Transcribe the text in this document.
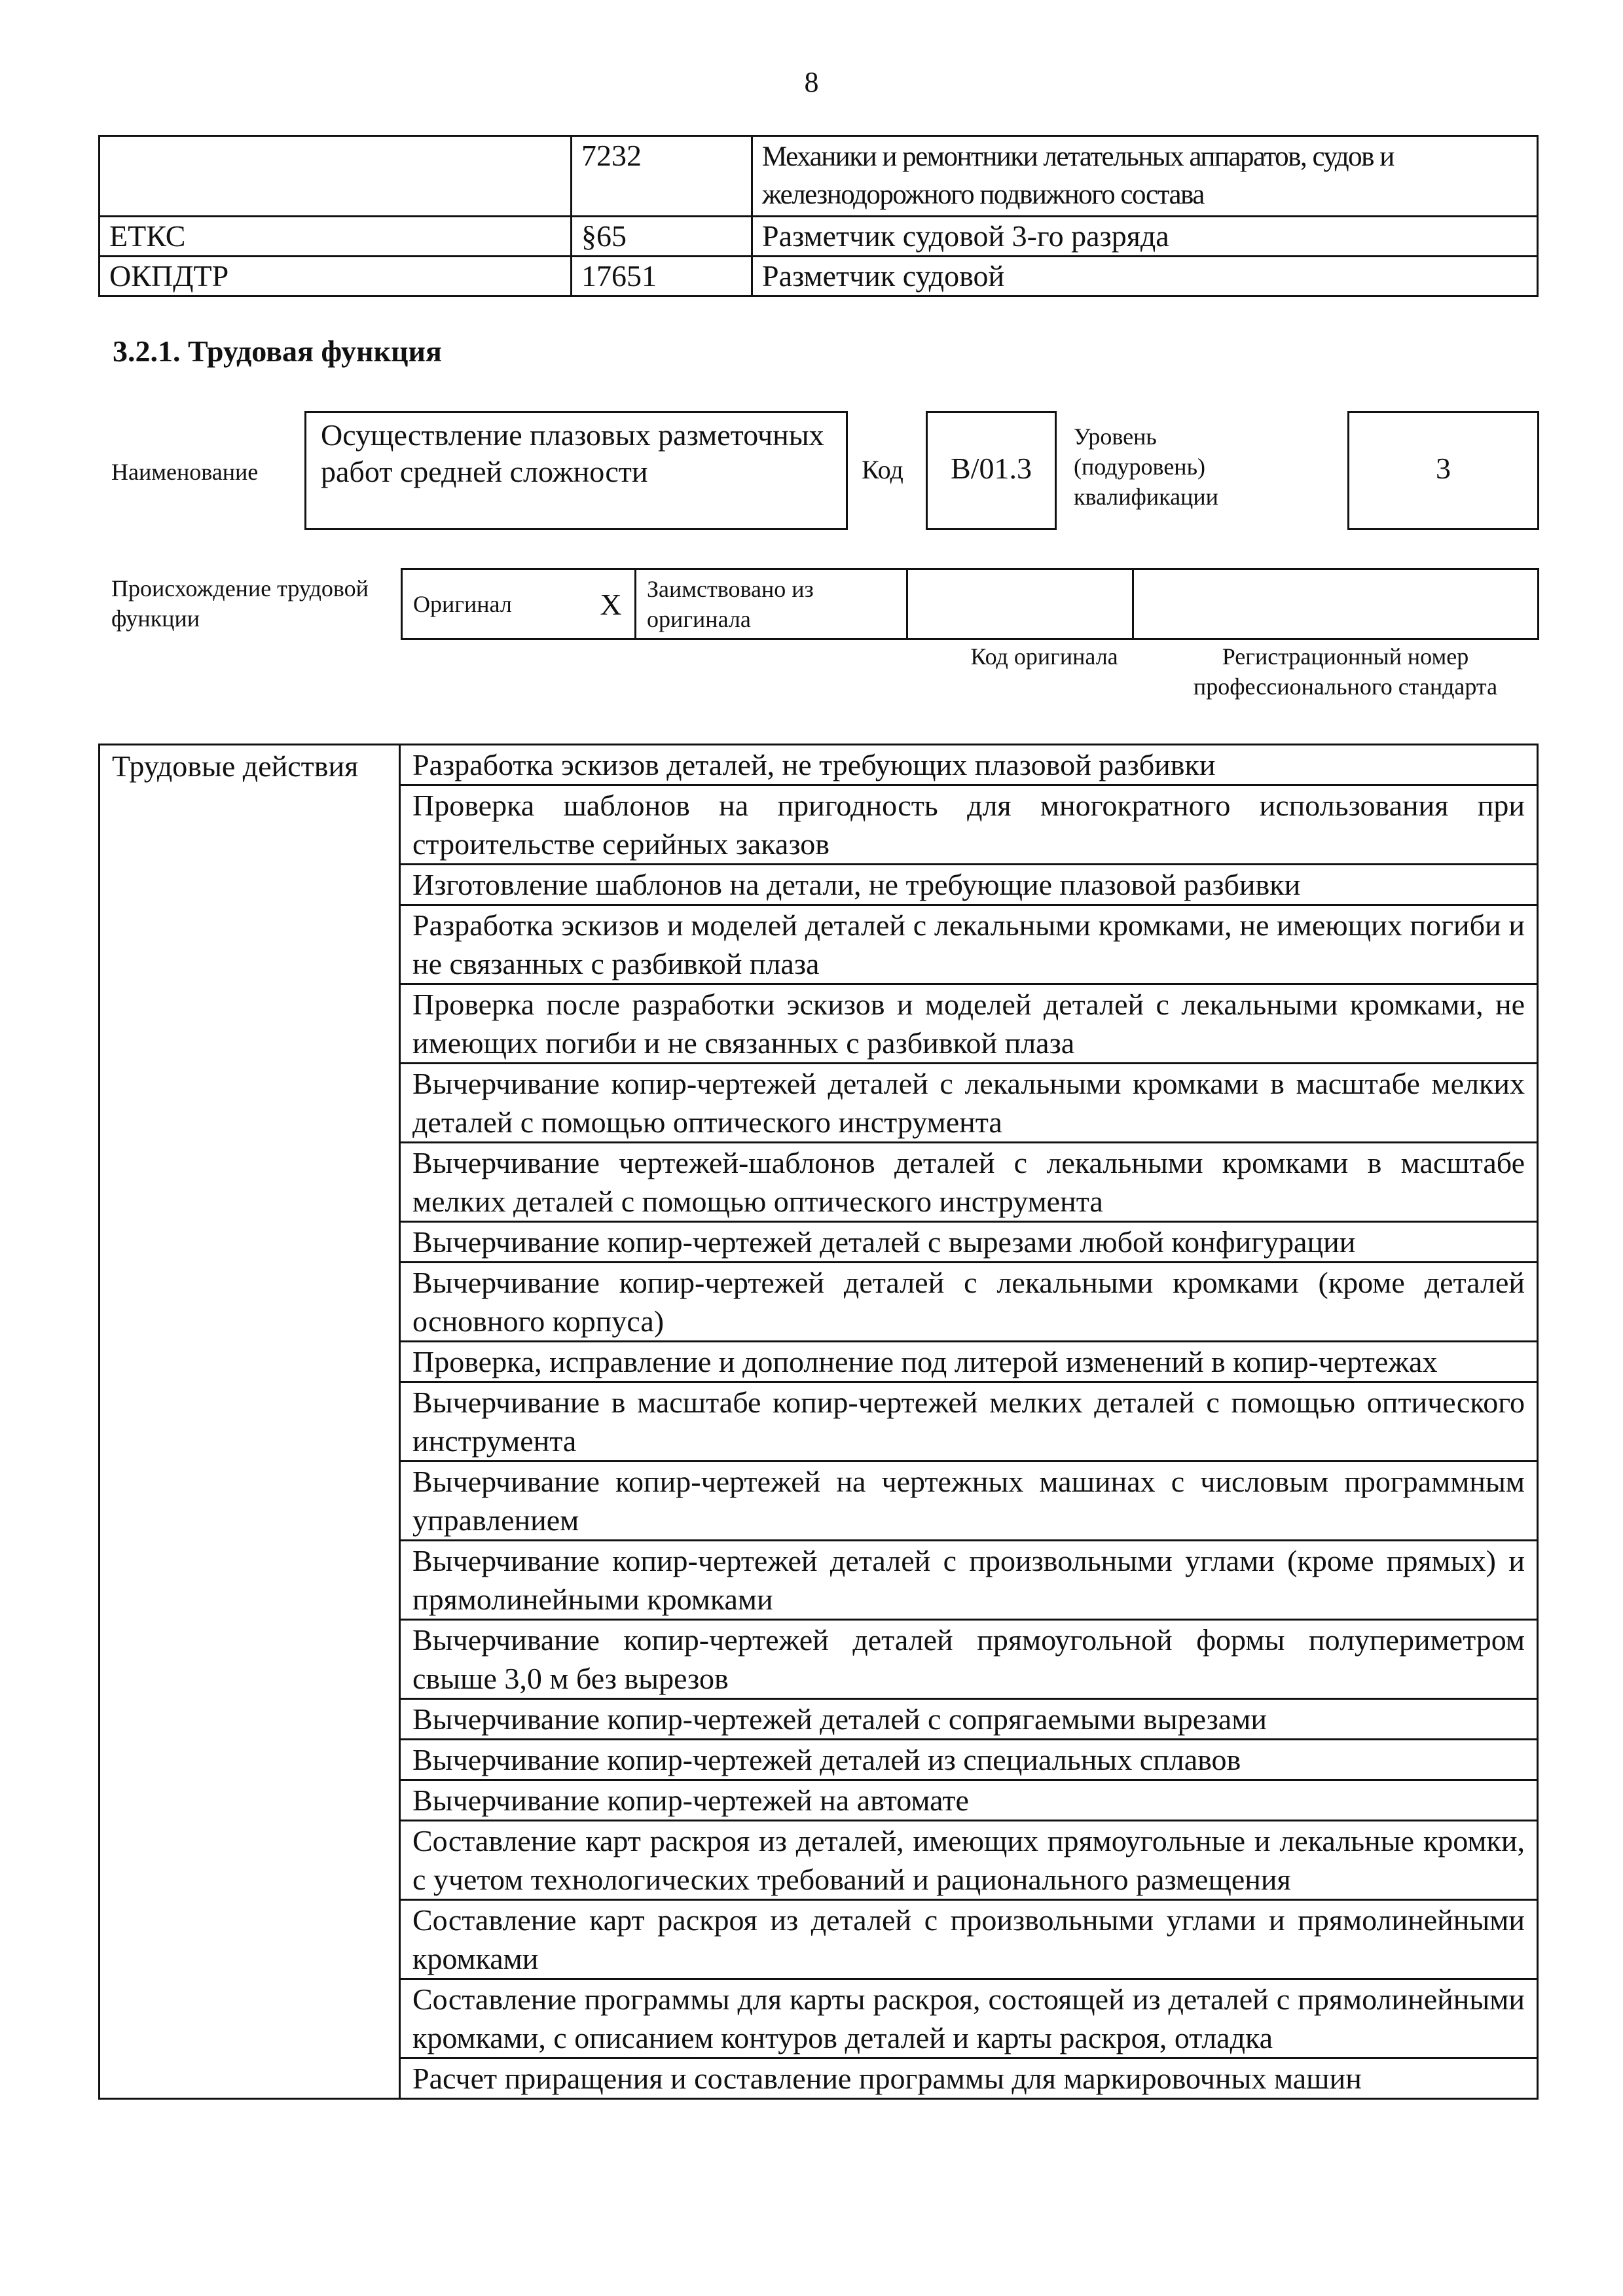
8
	7232	Механики и ремонтники летательных аппаратов, судов и железнодорожного подвижного состава
ЕТКС	§65	Разметчик судовой 3-го разряда
ОКПДТР	17651	Разметчик судовой
3.2.1. Трудовая функция
Наименование
Осуществление плазовых разметочных работ средней сложности	Код	B/01.3
Уровень (подуровень) квалификации
3
Происхождение трудовой функции
Оригинал	X	Заимствовано из оригинала		
Код оригинала	Регистрационный номер профессионального стандарта
Трудовые действия	Разработка эскизов деталей, не требующих плазовой разбивки
Проверка шаблонов на пригодность для многократного использования при строительстве серийных заказов
Изготовление шаблонов на детали, не требующие плазовой разбивки
Разработка эскизов и моделей деталей с лекальными кромками, не имеющих погиби и не связанных с разбивкой плаза
Проверка после разработки эскизов и моделей деталей с лекальными кромками, не имеющих погиби и не связанных с разбивкой плаза
Вычерчивание копир-чертежей деталей с лекальными кромками в масштабе мелких деталей с помощью оптического инструмента
Вычерчивание чертежей-шаблонов деталей с лекальными кромками в масштабе мелких деталей с помощью оптического инструмента
Вычерчивание копир-чертежей деталей с вырезами любой конфигурации
Вычерчивание копир-чертежей деталей с лекальными кромками (кроме деталей основного корпуса)
Проверка, исправление и дополнение под литерой изменений в копир-чертежах
Вычерчивание в масштабе копир-чертежей мелких деталей с помощью оптического инструмента
Вычерчивание копир-чертежей на чертежных машинах с числовым программным управлением
Вычерчивание копир-чертежей деталей с произвольными углами (кроме прямых) и прямолинейными кромками
Вычерчивание копир-чертежей деталей прямоугольной формы полупериметром свыше 3,0 м без вырезов
Вычерчивание копир-чертежей деталей с сопрягаемыми вырезами
Вычерчивание копир-чертежей деталей из специальных сплавов
Вычерчивание копир-чертежей на автомате
Составление карт раскроя из деталей, имеющих прямоугольные и лекальные кромки, с учетом технологических требований и рационального размещения
Составление карт раскроя из деталей с произвольными углами и прямолинейными кромками
Составление программы для карты раскроя, состоящей из деталей с прямолинейными кромками, с описанием контуров деталей и карты раскроя, отладка
Расчет приращения и составление программы для маркировочных машин
